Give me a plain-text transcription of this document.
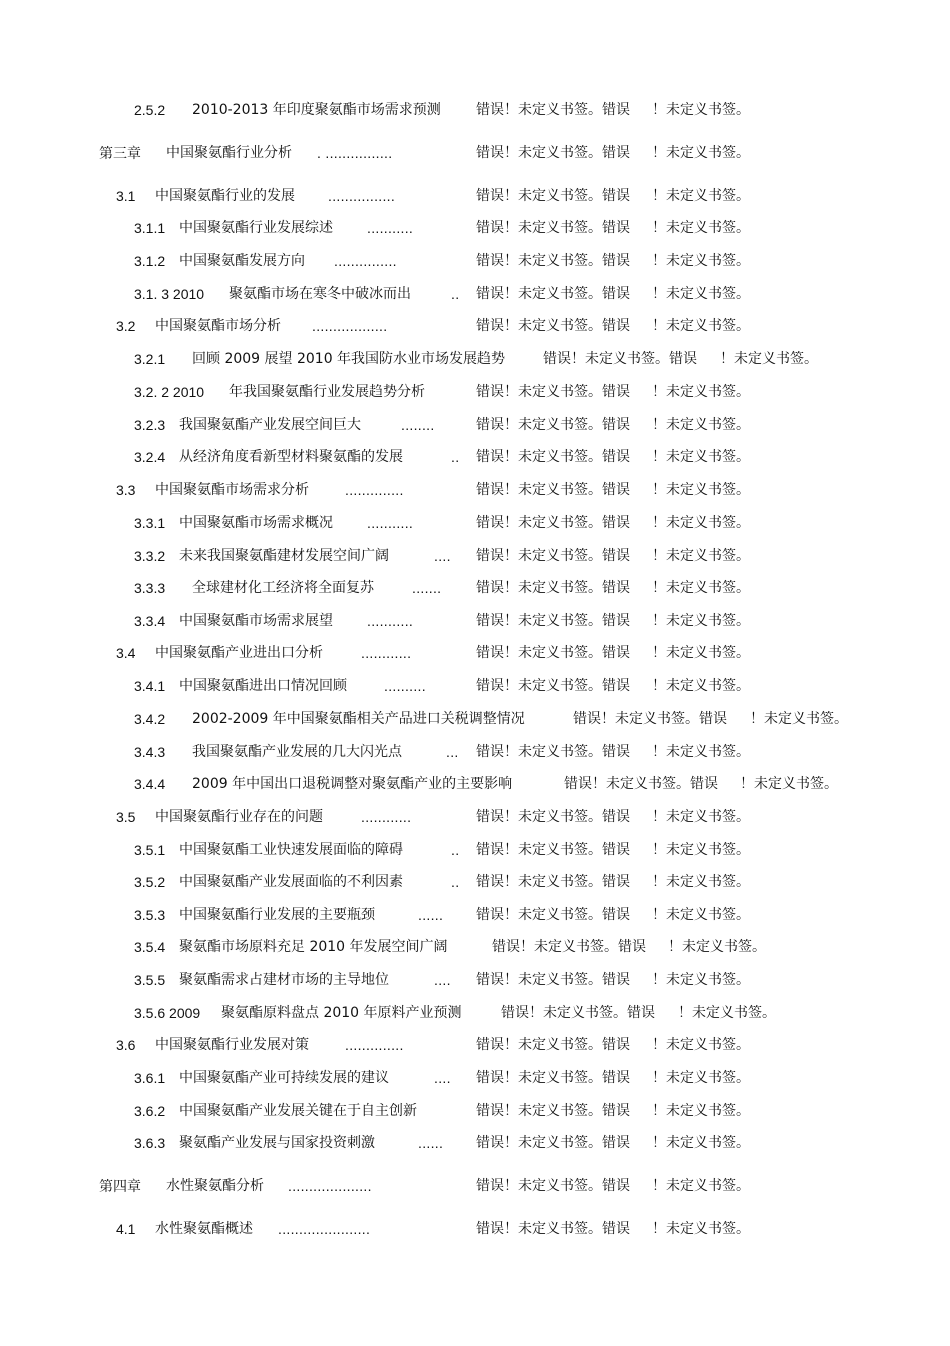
2.5.2 2010-2013 年印度聚氨酯市场需求预测	错误！未定义书签。错误 ！未定义书签。
第三章 中国聚氨酯行业分析 . ................	错误！未定义书签。错误 ！未定义书签。
3.1 中国聚氨酯行业的发展 ................	错误！未定义书签。错误 ！未定义书签。
3.1.1 中国聚氨酯行业发展综述 ...........	错误！未定义书签。错误 ！未定义书签。
3.1.2 中国聚氨酯发展方向 ...............	错误！未定义书签。错误 ！未定义书签。
3.1. 3 2010 聚氨酯市场在寒冬中破冰而出	.. 错误！未定义书签。错误 ！未定义书签。
3.2 中国聚氨酯市场分析 ..................	错误！未定义书签。错误 ！未定义书签。
3.2.1 回顾 2009 展望 2010 年我国防水业市场发展趋势	错误！未定义书签。错误 ！未定义书签。
3.2. 2 2010 年我国聚氨酯行业发展趋势分析	错误！未定义书签。错误 ！未定义书签。
3.2.3 我国聚氨酯产业发展空间巨大	........	错误！未定义书签。错误 ！未定义书签。
3.2.4 从经济角度看新型材料聚氨酯的发展	.. 错误！未定义书签。错误 ！未定义书签。
3.3 中国聚氨酯市场需求分析	..............	错误！未定义书签。错误 ！未定义书签。
3.3.1 中国聚氨酯市场需求概况 ...........	错误！未定义书签。错误 ！未定义书签。
3.3.2 未来我国聚氨酯建材发展空间广阔	.... 错误！未定义书签。错误 ！未定义书签。
3.3.3 全球建材化工经济将全面复苏	....... 错误！未定义书签。错误 ！未定义书签。
3.3.4 中国聚氨酯市场需求展望 ...........	错误！未定义书签。错误 ！未定义书签。
3.4 中国聚氨酯产业进出口分析	............	错误！未定义书签。错误 ！未定义书签。
3.4.1 中国聚氨酯进出口情况回顾	..........	错误！未定义书签。错误 ！未定义书签。
3.4.2 2002-2009 年中国聚氨酯相关产品进口关税调整情况	错误！未定义书签。错误 ！未定义书签。
3.4.3 我国聚氨酯产业发展的几大闪光点	... 错误！未定义书签。错误 ！未定义书签。
3.4.4 2009 年中国出口退税调整对聚氨酯产业的主要影响	错误！未定义书签。错误 ！未定义书签。
3.5 中国聚氨酯行业存在的问题	............	错误！未定义书签。错误 ！未定义书签。
3.5.1 中国聚氨酯工业快速发展面临的障碍	.. 错误！未定义书签。错误 ！未定义书签。
3.5.2 中国聚氨酯产业发展面临的不利因素	.. 错误！未定义书签。错误 ！未定义书签。
3.5.3 中国聚氨酯行业发展的主要瓶颈	...... 错误！未定义书签。错误 ！未定义书签。
3.5.4 聚氨酯市场原料充足 2010 年发展空间广阔	错误！未定义书签。错误 ！未定义书签。
3.5.5 聚氨酯需求占建材市场的主导地位	.... 错误！未定义书签。错误 ！未定义书签。
3.5.6 2009 聚氨酯原料盘点 2010 年原料产业预测	错误！未定义书签。错误 ！未定义书签。
3.6 中国聚氨酯行业发展对策	..............	错误！未定义书签。错误 ！未定义书签。
3.6.1 中国聚氨酯产业可持续发展的建议	.... 错误！未定义书签。错误 ！未定义书签。
3.6.2 中国聚氨酯产业发展关键在于自主创新	错误！未定义书签。错误 ！未定义书签。
3.6.3 聚氨酯产业发展与国家投资刺激	...... 错误！未定义书签。错误 ！未定义书签。
第四章 水性聚氨酯分析 ....................	错误！未定义书签。错误 ！未定义书签。
4.1 水性聚氨酯概述 ......................	错误！未定义书签。错误 ！未定义书签。
